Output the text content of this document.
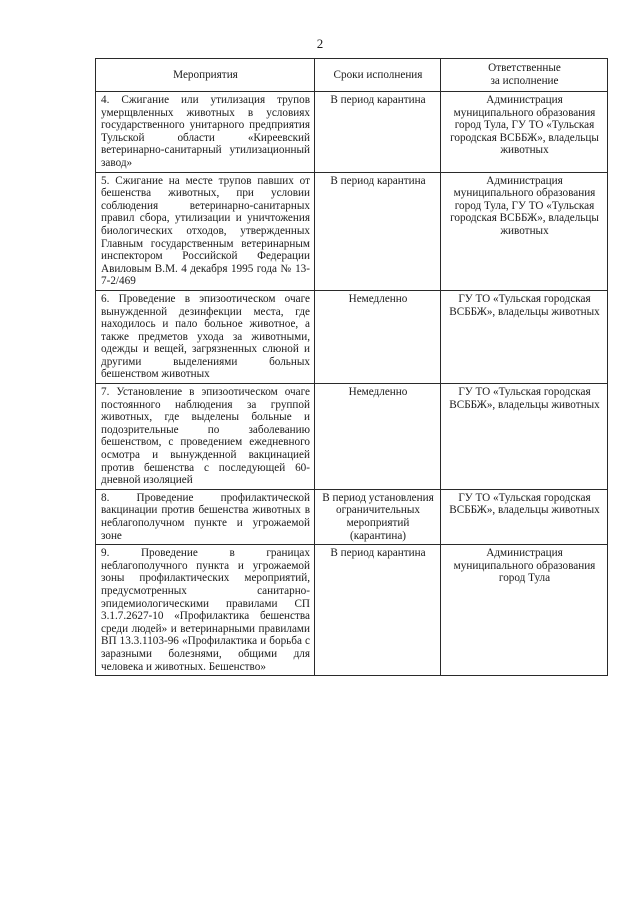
2
Мероприятия	Сроки исполнения	Ответственные
за исполнение
4. Сжигание или утилизация трупов умерщвленных животных в условиях государственного унитарного предприятия Тульской области «Киреевский ветеринарно-санитарный утилизационный завод»	В период карантина	Администрация муниципального образования город Тула, ГУ ТО «Тульская городская ВСББЖ», владельцы животных
5. Сжигание на месте трупов павших от бешенства животных, при условии соблюдения ветеринарно-санитарных правил сбора, утилизации и уничтожения биологических отходов, утвержденных Главным государственным ветеринарным инспектором Российской Федерации Авиловым В.М. 4 декабря 1995 года № 13-7-2/469	В период карантина	Администрация муниципального образования город Тула, ГУ ТО «Тульская городская ВСББЖ», владельцы животных
6. Проведение в эпизоотическом очаге вынужденной дезинфекции места, где находилось и пало больное животное, а также предметов ухода за животными, одежды и вещей, загрязненных слюной и другими выделениями больных бешенством животных	Немедленно	ГУ ТО «Тульская городская ВСББЖ», владельцы животных
7. Установление в эпизоотическом очаге постоянного наблюдения за группой животных, где выделены больные и подозрительные по заболеванию бешенством, с проведением ежедневного осмотра и вынужденной вакцинацией против бешенства с последующей 60-дневной изоляцией	Немедленно	ГУ ТО «Тульская городская ВСББЖ», владельцы животных
8. Проведение профилактической вакцинации против бешенства животных в неблагополучном пункте и угрожаемой зоне	В период установления ограничительных мероприятий (карантина)	ГУ ТО «Тульская городская ВСББЖ», владельцы животных
9. Проведение в границах неблагополучного пункта и угрожаемой зоны профилактических мероприятий, предусмотренных санитарно-эпидемиологическими правилами СП 3.1.7.2627-10 «Профилактика бешенства среди людей» и ветеринарными правилами ВП 13.3.1103-96 «Профилактика и борьба с заразными болезнями, общими для человека и животных. Бешенство»	В период карантина	Администрация муниципального образования город Тула
